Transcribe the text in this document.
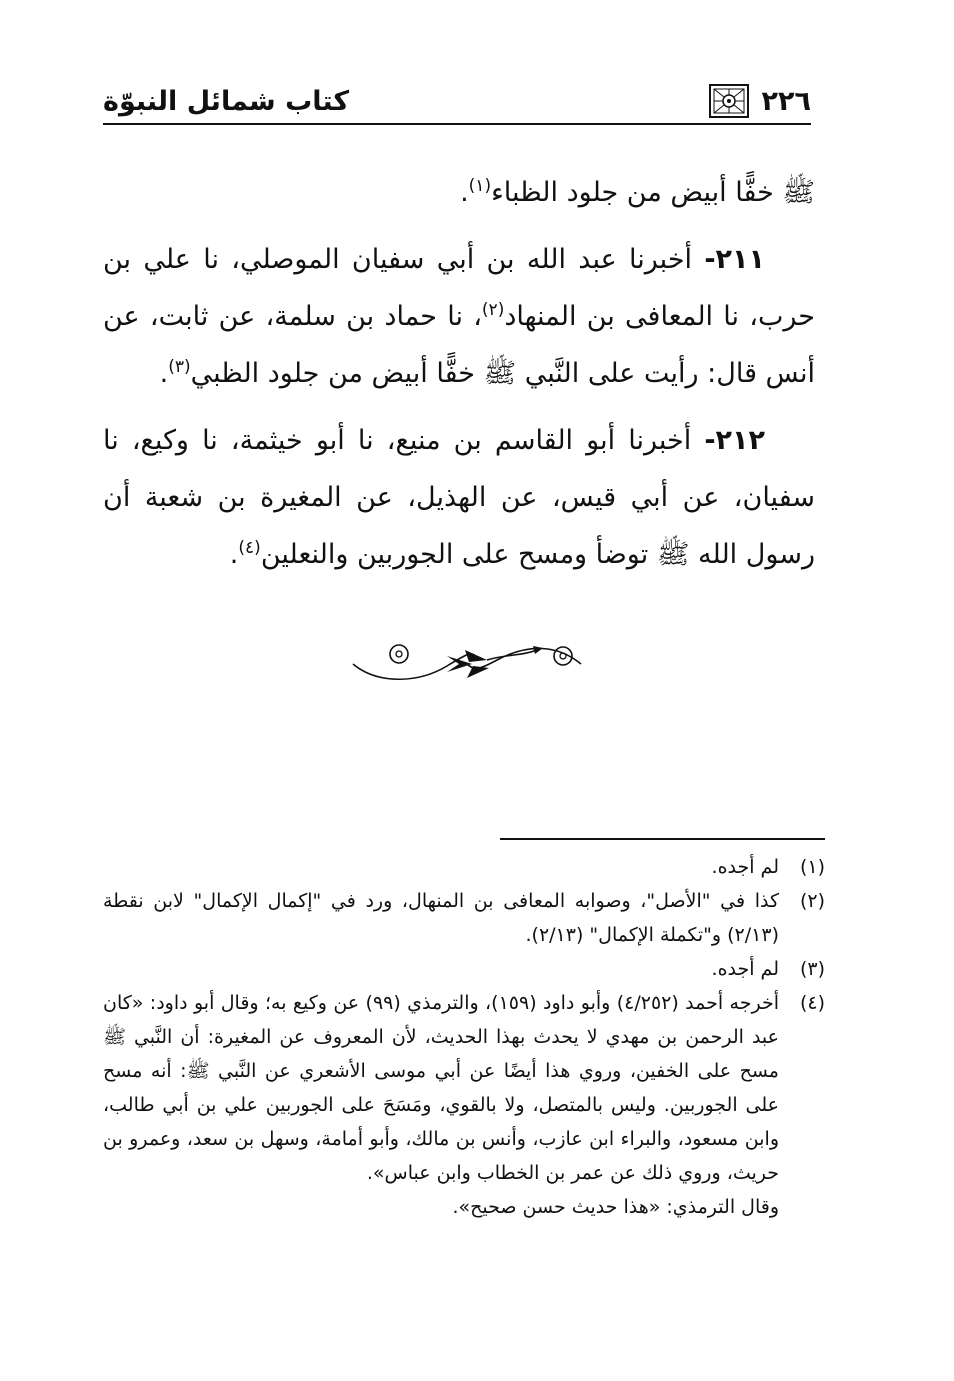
٢٢٦
كتاب شمائل النبوّة

ﷺ خفًّا أبيض من جلود الظباء$^{(١)}$.

٢١١- أخبرنا عبد الله بن أبي سفيان الموصلي، نا علي بن حرب، نا المعافى بن المنهاد$^{(٢)}$، نا حماد بن سلمة، عن ثابت، عن أنس قال: رأيت على النَّبي ﷺ خفًّا أبيض من جلود الظبي$^{(٣)}$.

٢١٢- أخبرنا أبو القاسم بن منيع، نا أبو خيثمة، نا وكيع، نا سفيان، عن أبي قيس، عن الهذيل، عن المغيرة بن شعبة أن رسول الله ﷺ توضأ ومسح على الجوربين والنعلين$^{(٤)}$.

(١)
لم أجده.
(٢)
كذا في "الأصل"، وصوابه المعافى بن المنهال، ورد في "إكمال الإكمال" لابن نقطة (٢/١٣) و"تكملة الإكمال" (٢/١٣).
(٣)
لم أجده.
(٤)
أخرجه أحمد (٤/٢٥٢) وأبو داود (١٥٩)، والترمذي (٩٩) عن وكيع به؛ وقال أبو داود: «كان عبد الرحمن بن مهدي لا يحدث بهذا الحديث، لأن المعروف عن المغيرة: أن النَّبي ﷺ مسح على الخفين، وروي هذا أيضًا عن أبي موسى الأشعري عن النَّبي ﷺ: أنه مسح على الجوربين. وليس بالمتصل، ولا بالقوي، ومَسَحَ على الجوربين علي بن أبي طالب، وابن مسعود، والبراء ابن عازب، وأنس بن مالك، وأبو أمامة، وسهل بن سعد، وعمرو بن حريث، وروي ذلك عن عمر بن الخطاب وابن عباس».
وقال الترمذي: «هذا حديث حسن صحيح».
